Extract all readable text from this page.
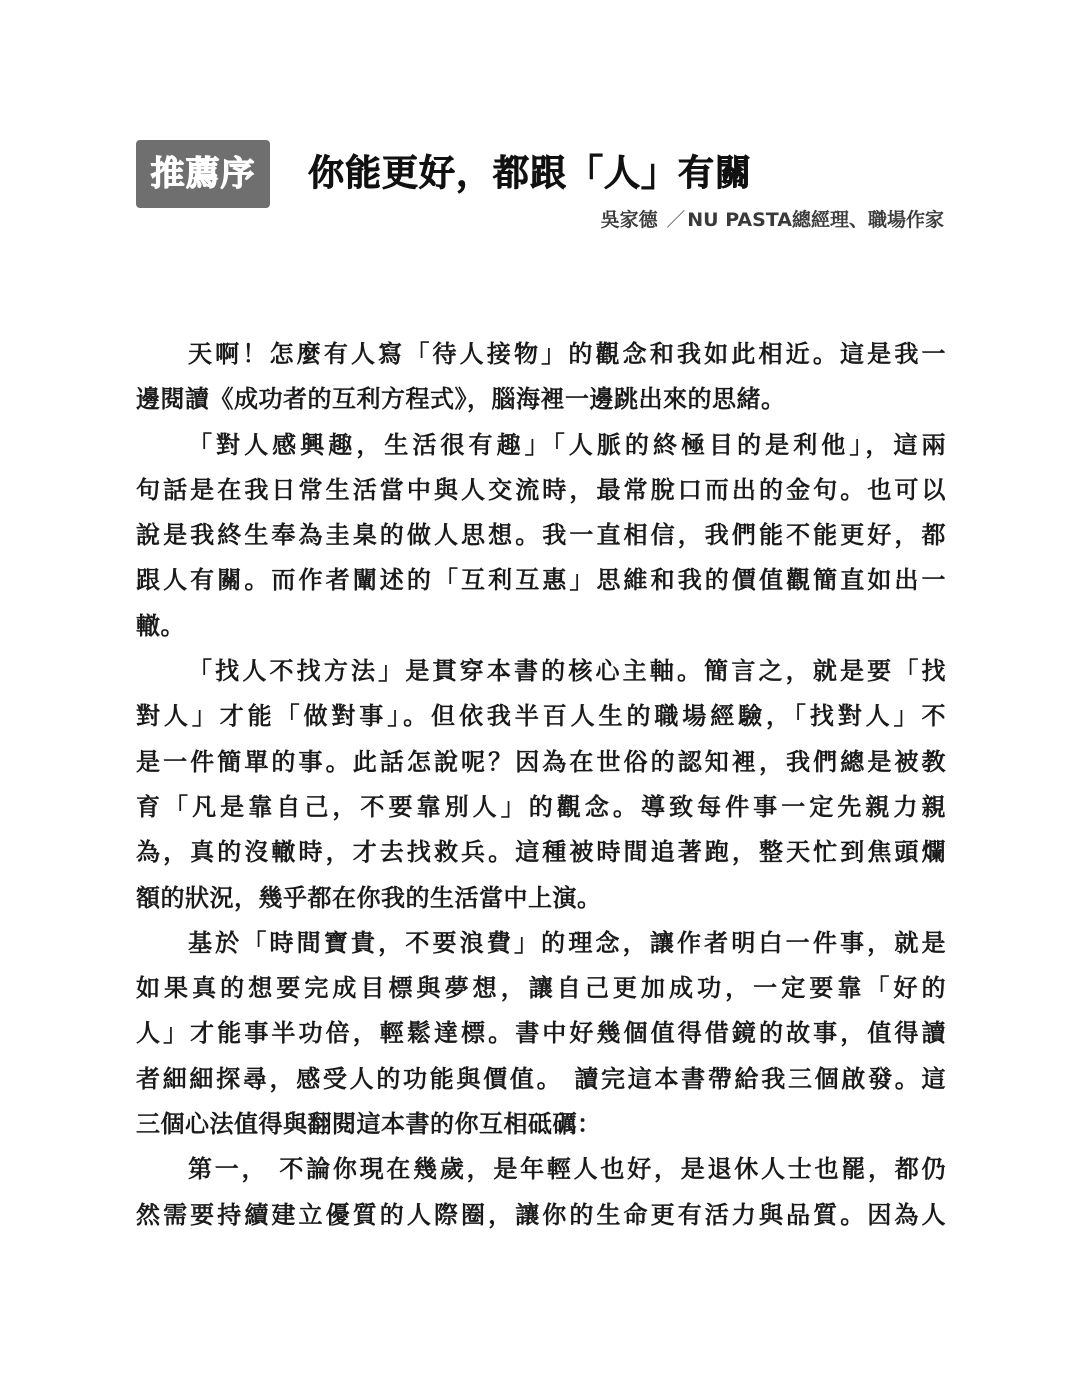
推薦序	你能更好，都跟「人」有關
吳家德 ／ NU PASTA總經理、職場作家
天啊！怎麼有人寫「待人接物」的觀念和我如此相近。這是我一
邊閱讀《成功者的互利方程式》，腦海裡一邊跳出來的思緒。
「對人感興趣，生活很有趣」「人脈的終極目的是利他」，這兩
句話是在我日常生活當中與人交流時，最常脫口而出的金句。也可以
說是我終生奉為圭臬的做人思想。我一直相信，我們能不能更好，都
跟人有關。而作者闡述的「互利互惠」思維和我的價值觀簡直如出一
轍。
「找人不找方法」是貫穿本書的核心主軸。簡言之，就是要「找
對人」才能「做對事」。但依我半百人生的職場經驗，「找對人」不
是一件簡單的事。此話怎說呢？因為在世俗的認知裡，我們總是被教
育「凡是靠自己，不要靠別人」的觀念。導致每件事一定先親力親
為，真的沒轍時，才去找救兵。這種被時間追著跑，整天忙到焦頭爛
額的狀況，幾乎都在你我的生活當中上演。
基於「時間寶貴，不要浪費」的理念，讓作者明白一件事，就是
如果真的想要完成目標與夢想，讓自己更加成功，一定要靠「好的
人」才能事半功倍，輕鬆達標。書中好幾個值得借鏡的故事，值得讀
者細細探尋，感受人的功能與價值。 讀完這本書帶給我三個啟發。這
三個心法值得與翻閱這本書的你互相砥礪：
第一， 不論你現在幾歲，是年輕人也好，是退休人士也罷，都仍
然需要持續建立優質的人際圈，讓你的生命更有活力與品質。因為人
